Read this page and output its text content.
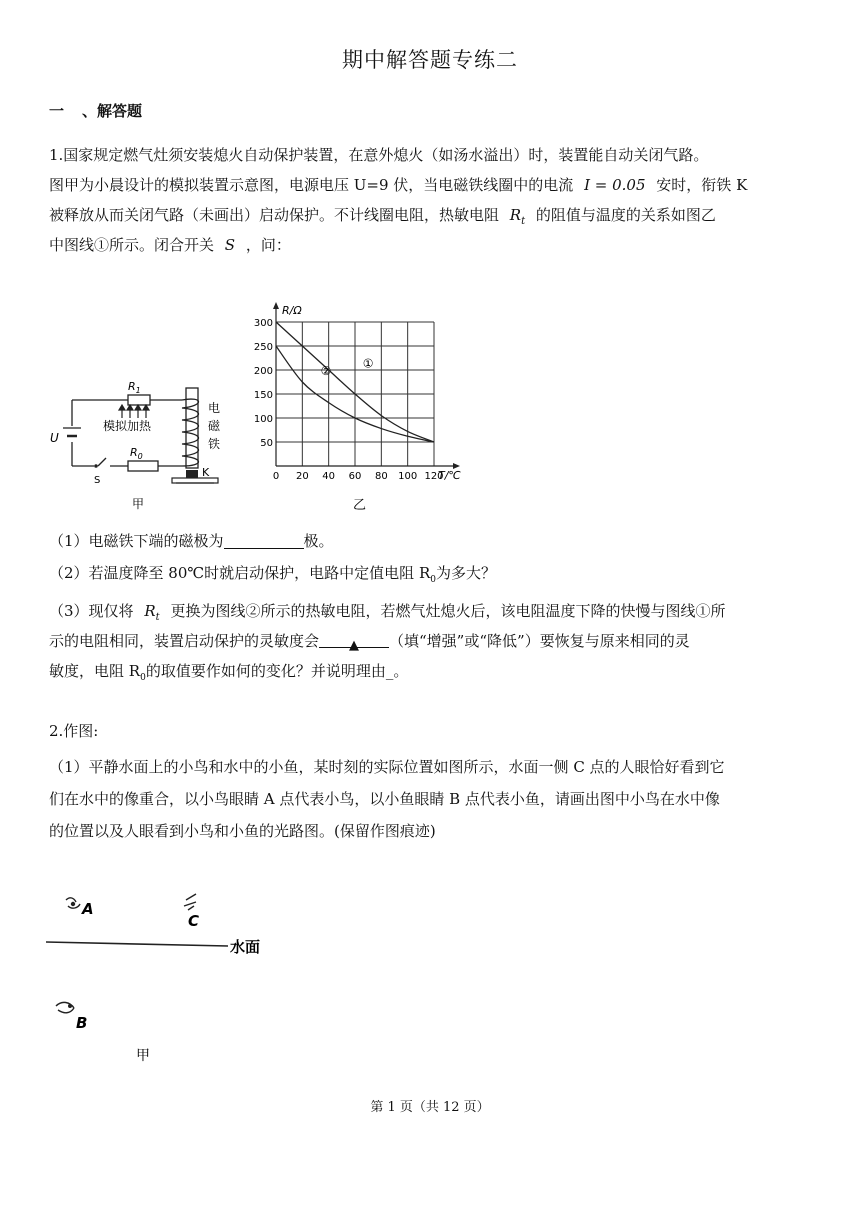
期中解答题专练二
一 、解答题
1.国家规定燃气灶须安装熄火自动保护装置，在意外熄火（如汤水溢出）时，装置能自动关闭气路。
图甲为小晨设计的模拟装置示意图，电源电压 U=9 伏，当电磁铁线圈中的电流 I = 0.05 安时，衔铁 K
被释放从而关闭气路（未画出）启动保护。不计线圈电阻，热敏电阻 $R_t$ 的阻值与温度的关系如图乙
中图线①所示。闭合开关 S ，问：
$R_1$
$R_0$
模拟加热
U
S
K
电
磁
铁
甲
0 20 40 60 80 100 120
50
100
150
200
250
300
R/Ω
T/℃
①
②
乙
（1）电磁铁下端的磁极为	极。
（2）若温度降至 80℃时就启动保护，电路中定值电阻 $R_0$为多大？
（3）现仅将 $R_t$ 更换为图线②所示的热敏电阻，若燃气灶熄火后，该电阻温度下降的快慢与图线①所
示的电阻相同，装置启动保护的灵敏度会 ▲ （填“增强”或“降低”）要恢复与原来相同的灵
敏度，电阻 $R_0$的取值要作如何的变化？并说明理由_。
2.作图:
（1）平静水面上的小鸟和水中的小鱼，某时刻的实际位置如图所示，水面一侧 C 点的人眼恰好看到它
们在水中的像重合，以小鸟眼睛 A 点代表小鸟，以小鱼眼睛 B 点代表小鱼，请画出图中小鸟在水中像
的位置以及人眼看到小鸟和小鱼的光路图。(保留作图痕迹)
A
C
水面
B
甲
第 1 页（共 12 页）
